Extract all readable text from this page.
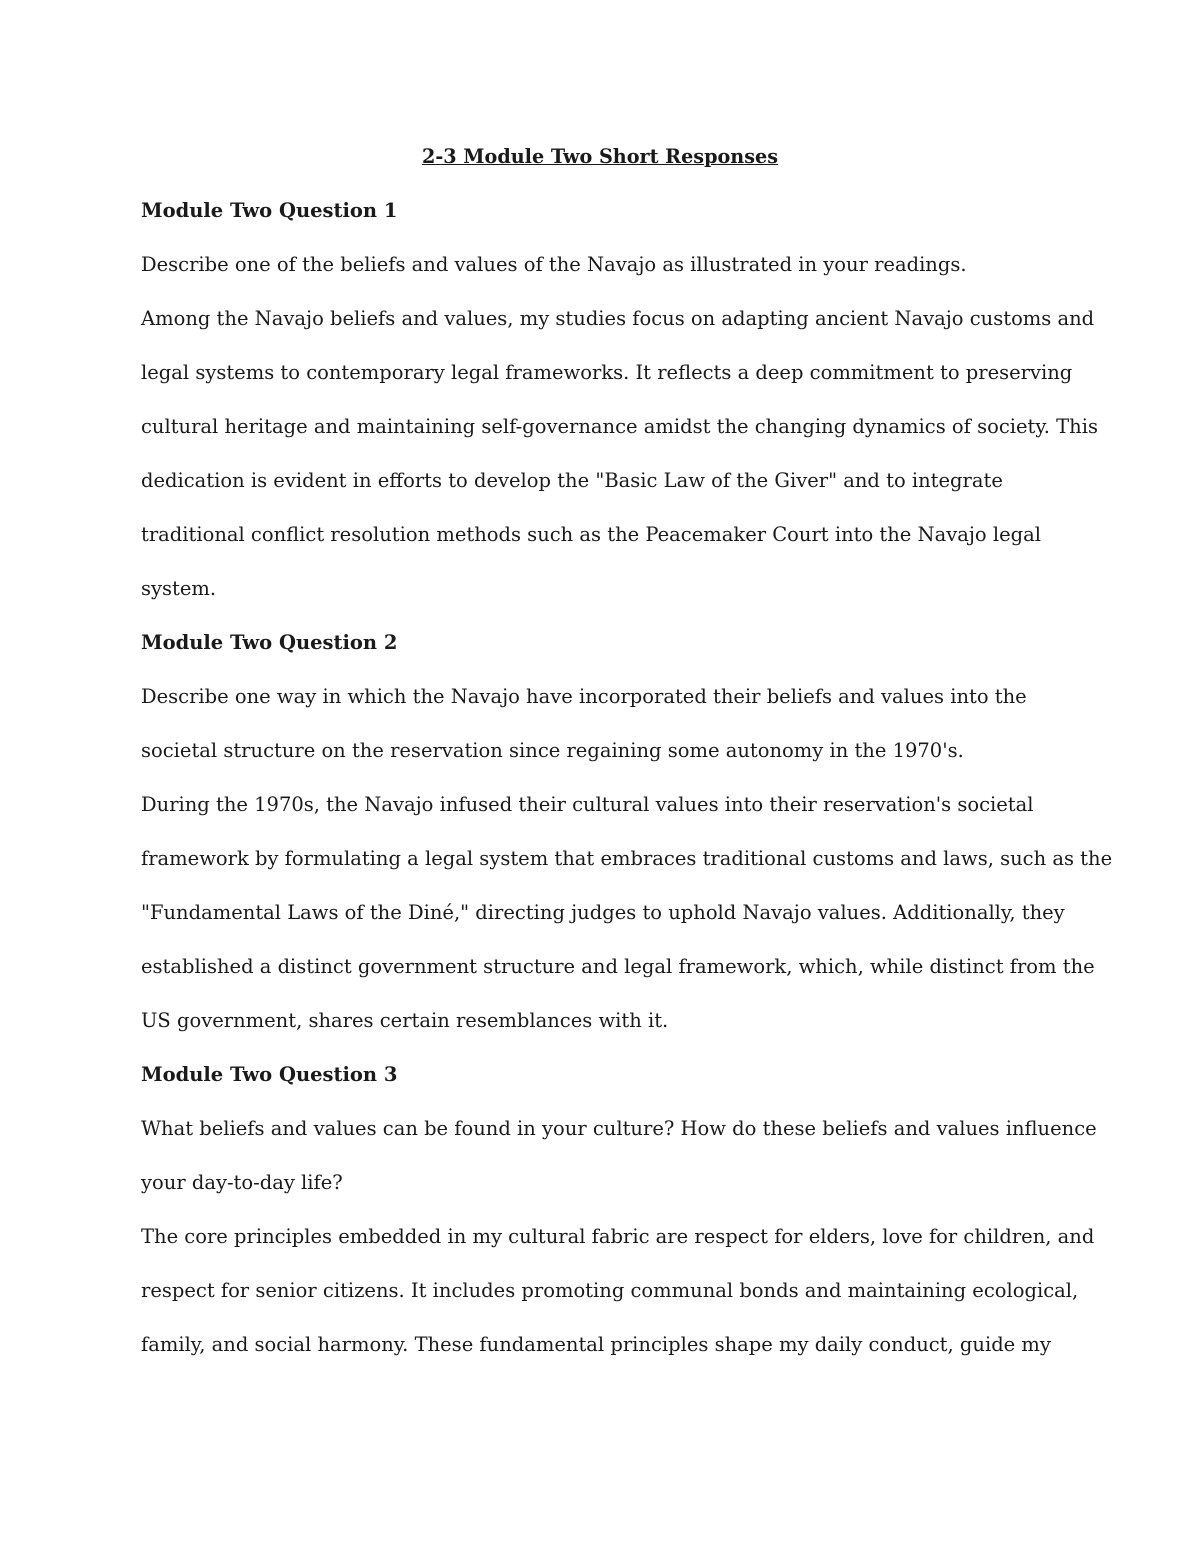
2-3 Module Two Short Responses
Module Two Question 1
Describe one of the beliefs and values of the Navajo as illustrated in your readings.
Among the Navajo beliefs and values, my studies focus on adapting ancient Navajo customs and
legal systems to contemporary legal frameworks. It reflects a deep commitment to preserving
cultural heritage and maintaining self-governance amidst the changing dynamics of society. This
dedication is evident in efforts to develop the "Basic Law of the Giver" and to integrate
traditional conflict resolution methods such as the Peacemaker Court into the Navajo legal
system.
Module Two Question 2
Describe one way in which the Navajo have incorporated their beliefs and values into the
societal structure on the reservation since regaining some autonomy in the 1970's.
During the 1970s, the Navajo infused their cultural values into their reservation's societal
framework by formulating a legal system that embraces traditional customs and laws, such as the
"Fundamental Laws of the Diné," directing judges to uphold Navajo values. Additionally, they
established a distinct government structure and legal framework, which, while distinct from the
US government, shares certain resemblances with it.
Module Two Question 3
What beliefs and values can be found in your culture? How do these beliefs and values influence
your day-to-day life?
The core principles embedded in my cultural fabric are respect for elders, love for children, and
respect for senior citizens. It includes promoting communal bonds and maintaining ecological,
family, and social harmony. These fundamental principles shape my daily conduct, guide my
